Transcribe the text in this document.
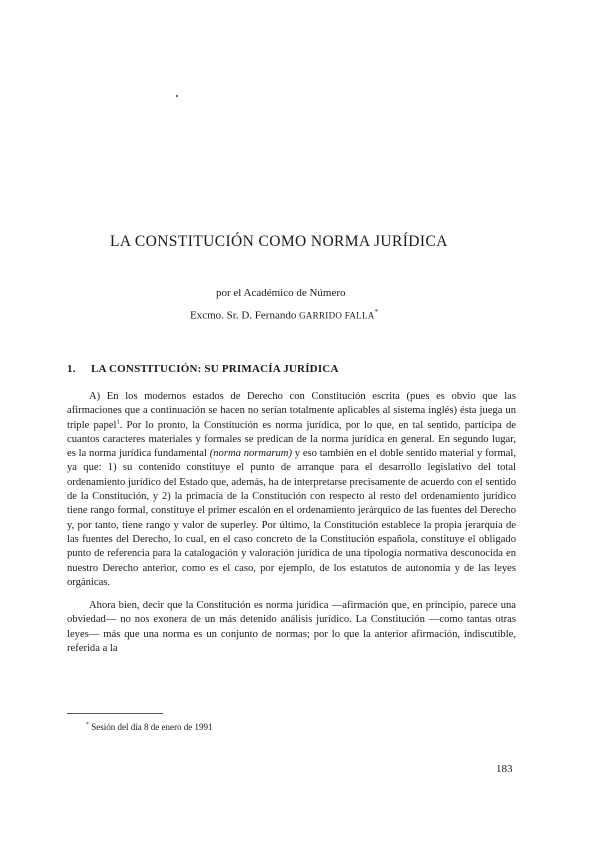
LA CONSTITUCIÓN COMO NORMA JURÍDICA
por el Académico de Número
Excmo. Sr. D. Fernando GARRIDO FALLA*
1. LA CONSTITUCIÓN: SU PRIMACÍA JURÍDICA

A) En los modernos estados de Derecho con Constitución escrita (pues es obvio que las afirmaciones que a continuación se hacen no serían totalmente aplicables al sistema inglés) ésta juega un triple papel$^1$. Por lo pronto, la Constitución es norma jurídica, por lo que, en tal sentido, participa de cuantos caracteres materiales y formales se predican de la norma jurídica en general. En segundo lugar, es la norma jurídica fundamental (norma normarum) y eso también en el doble sentido material y formal, ya que: 1) su contenido constituye el punto de arranque para el desarrollo legislativo del total ordenamiento jurídico del Estado que, además, ha de interpretarse precisamente de acuerdo con el sentido de la Constitución, y 2) la primacía de la Constitución con respecto al resto del ordenamiento jurídico tiene rango formal, constituye el primer escalón en el ordenamiento jerárquico de las fuentes del Derecho y, por tanto, tiene rango y valor de superley. Por último, la Constitución establece la propia jerarquía de las fuentes del Derecho, lo cual, en el caso concreto de la Constitución española, constituye el obligado punto de referencia para la catalogación y valoración jurídica de una tipología normativa desconocida en nuestro Derecho anterior, como es el caso, por ejemplo, de los estatutos de autonomía y de las leyes orgánicas.

Ahora bien, decir que la Constitución es norma jurídica —afirmación que, en principio, parece una obviedad— no nos exonera de un más detenido análisis jurídico. La Constitución —como tantas otras leyes— más que una norma es un conjunto de normas; por lo que la anterior afirmación, indiscutible, referida a la

* Sesión del día 8 de enero de 1991
183
